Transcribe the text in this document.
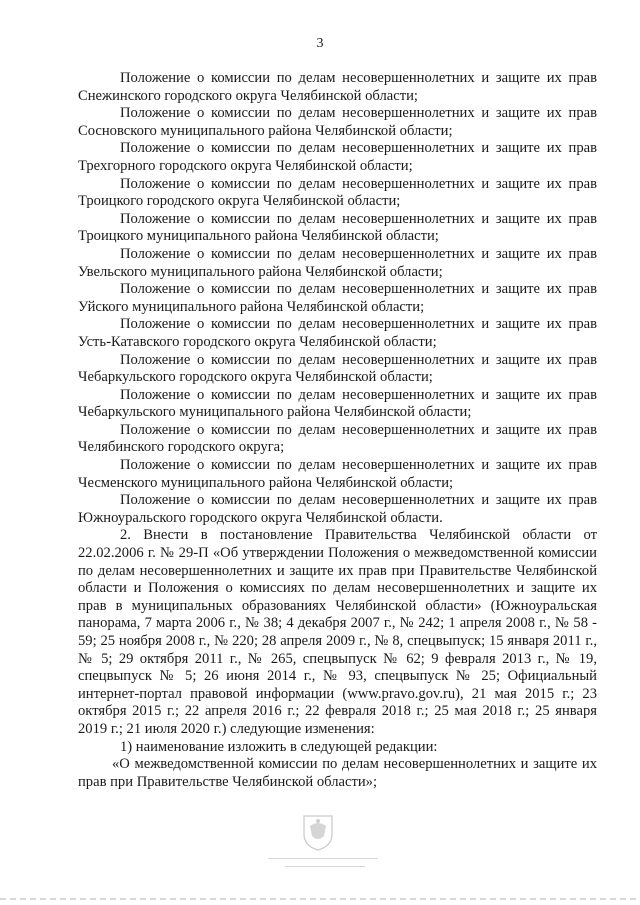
3

Положение о комиссии по делам несовершеннолетних и защите их прав Снежинского городского округа Челябинской области;

Положение о комиссии по делам несовершеннолетних и защите их прав Сосновского муниципального района Челябинской области;

Положение о комиссии по делам несовершеннолетних и защите их прав Трехгорного городского округа Челябинской области;

Положение о комиссии по делам несовершеннолетних и защите их прав Троицкого городского округа Челябинской области;

Положение о комиссии по делам несовершеннолетних и защите их прав Троицкого муниципального района Челябинской области;

Положение о комиссии по делам несовершеннолетних и защите их прав Увельского муниципального района Челябинской области;

Положение о комиссии по делам несовершеннолетних и защите их прав Уйского муниципального района Челябинской области;

Положение о комиссии по делам несовершеннолетних и защите их прав Усть-Катавского городского округа Челябинской области;

Положение о комиссии по делам несовершеннолетних и защите их прав Чебаркульского городского округа Челябинской области;

Положение о комиссии по делам несовершеннолетних и защите их прав Чебаркульского муниципального района Челябинской области;

Положение о комиссии по делам несовершеннолетних и защите их прав Челябинского городского округа;

Положение о комиссии по делам несовершеннолетних и защите их прав Чесменского муниципального района Челябинской области;

Положение о комиссии по делам несовершеннолетних и защите их прав Южноуральского городского округа Челябинской области.

2. Внести в постановление Правительства Челябинской области от 22.02.2006 г. № 29-П «Об утверждении Положения о межведомственной комиссии по делам несовершеннолетних и защите их прав при Правительстве Челябинской области и Положения о комиссиях по делам несовершеннолетних и защите их прав в муниципальных образованиях Челябинской области» (Южноуральская панорама, 7 марта 2006 г., № 38; 4 декабря 2007 г., № 242; 1 апреля 2008 г., № 58 - 59; 25 ноября 2008 г., № 220; 28 апреля 2009 г., № 8, спецвыпуск; 15 января 2011 г., № 5; 29 октября 2011 г., № 265, спецвыпуск № 62; 9 февраля 2013 г., № 19, спецвыпуск № 5; 26 июня 2014 г., № 93, спецвыпуск № 25; Официальный интернет-портал правовой информации (www.pravo.gov.ru), 21 мая 2015 г.; 23 октября 2015 г.; 22 апреля 2016 г.; 22 февраля 2018 г.; 25 мая 2018 г.; 25 января 2019 г.; 21 июля 2020 г.) следующие изменения:

1) наименование изложить в следующей редакции:

«О межведомственной комиссии по делам несовершеннолетних и защите их прав при Правительстве Челябинской области»;
